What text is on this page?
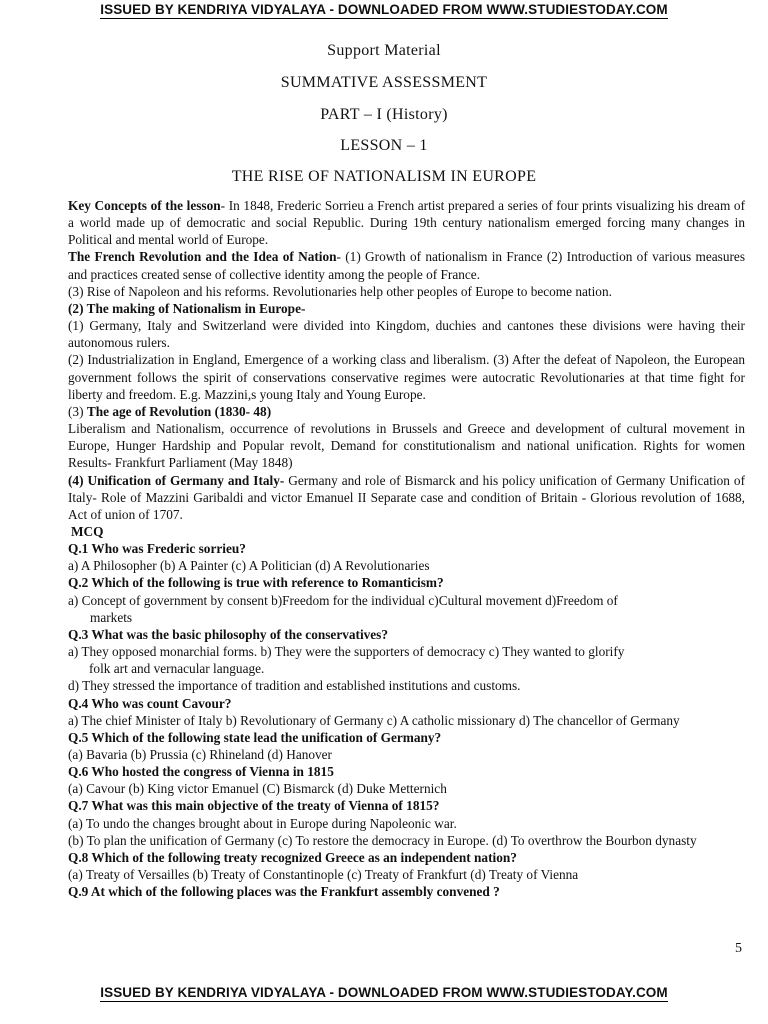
ISSUED BY KENDRIYA VIDYALAYA - DOWNLOADED FROM WWW.STUDIESTODAY.COM
Support Material
SUMMATIVE ASSESSMENT
PART – I (History)
LESSON – 1
THE RISE OF NATIONALISM IN EUROPE

Key Concepts of the lesson- In 1848, Frederic Sorrieu a French artist prepared a series of four prints visualizing his dream of a world made up of democratic and social Republic. During 19th century nationalism emerged forcing many changes in Political and mental world of Europe.

The French Revolution and the Idea of Nation- (1) Growth of nationalism in France (2) Introduction of various measures and practices created sense of collective identity among the people of France.

(3) Rise of Napoleon and his reforms. Revolutionaries help other peoples of Europe to become nation.

(2) The making of Nationalism in Europe-

(1) Germany, Italy and Switzerland were divided into Kingdom, duchies and cantones these divisions were having their autonomous rulers.

(2) Industrialization in England, Emergence of a working class and liberalism. (3) After the defeat of Napoleon, the European government follows the spirit of conservations conservative regimes were autocratic Revolutionaries at that time fight for liberty and freedom. E.g. Mazzini,s young Italy and Young Europe.

(3) The age of Revolution (1830- 48)

Liberalism and Nationalism, occurrence of revolutions in Brussels and Greece and development of cultural movement in Europe, Hunger Hardship and Popular revolt, Demand for constitutionalism and national unification. Rights for women Results- Frankfurt Parliament (May 1848)

(4) Unification of Germany and Italy- Germany and role of Bismarck and his policy unification of Germany Unification of Italy- Role of Mazzini Garibaldi and victor Emanuel II Separate case and condition of Britain - Glorious revolution of 1688, Act of union of 1707.

MCQ

Q.1 Who was Frederic sorrieu?

a) A Philosopher (b) A Painter (c) A Politician (d) A Revolutionaries

Q.2 Which of the following is true with reference to Romanticism?

a) Concept of government by consent b)Freedom for the individual c)Cultural movement d)Freedom of

markets

Q.3 What was the basic philosophy of the conservatives?

a) They opposed monarchial forms. b) They were the supporters of democracy c) They wanted to glorify

folk art and vernacular language.

d) They stressed the importance of tradition and established institutions and customs.

Q.4 Who was count Cavour?

a) The chief Minister of Italy b) Revolutionary of Germany c) A catholic missionary d) The chancellor of Germany

Q.5 Which of the following state lead the unification of Germany?

(a) Bavaria (b) Prussia (c) Rhineland (d) Hanover

Q.6 Who hosted the congress of Vienna in 1815

(a) Cavour (b) King victor Emanuel (C) Bismarck (d) Duke Metternich

Q.7 What was this main objective of the treaty of Vienna of 1815?

(a) To undo the changes brought about in Europe during Napoleonic war.

(b) To plan the unification of Germany (c) To restore the democracy in Europe. (d) To overthrow the Bourbon dynasty

Q.8 Which of the following treaty recognized Greece as an independent nation?

(a) Treaty of Versailles (b) Treaty of Constantinople (c) Treaty of Frankfurt (d) Treaty of Vienna

Q.9 At which of the following places was the Frankfurt assembly convened ?

5
ISSUED BY KENDRIYA VIDYALAYA - DOWNLOADED FROM WWW.STUDIESTODAY.COM
